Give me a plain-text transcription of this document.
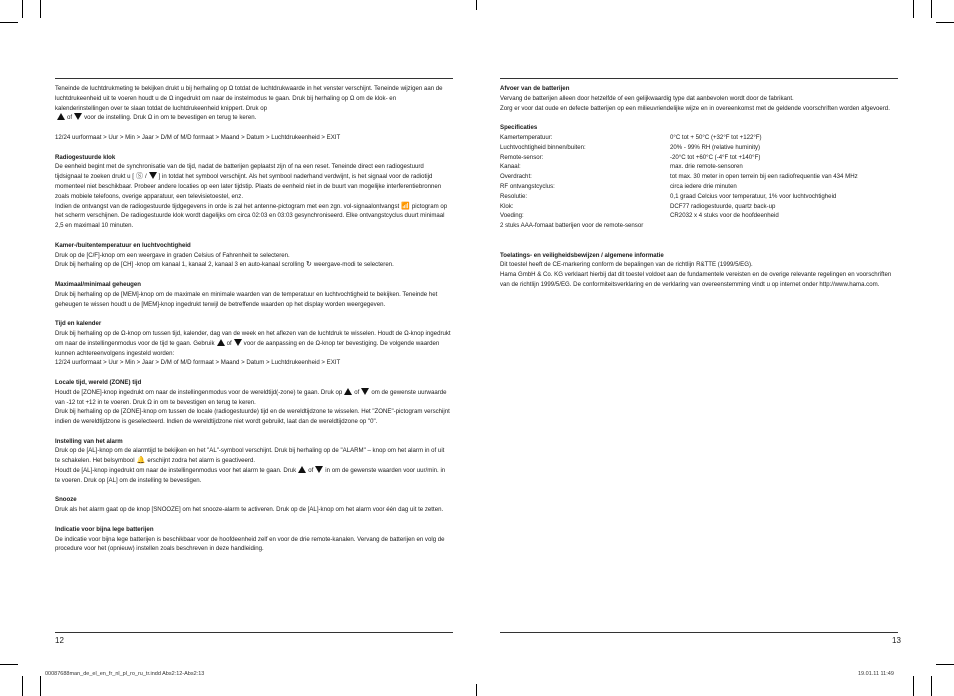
Teneinde de luchtdrukmeting te bekijken drukt u bij herhaling op Ω totdat de luchtdrukwaarde in het venster verschijnt. Teneinde wijzigen aan de luchtdrukeenheid uit te voeren houdt u de Ω ingedrukt om naar de instelmodus te gaan. Druk bij herhaling op Ω om de klok- en kalenderinstellingen over te slaan totdat de luchtdrukeenheid knippert. Druk op
of voor de instelling. Druk Ω in om te bevestigen en terug te keren.

12/24 uurformaat > Uur > Min > Jaar > D/M of M/D formaat > Maand > Datum > Luchtdrukeenheid > EXIT

Radiogestuurde klok
De eenheid begint met de synchronisatie van de tijd, nadat de batterijen geplaatst zijn of na een reset. Teneinde direct een radiogestuurd tijdsignaal te zoeken drukt u [ Ⓢ / ] in totdat het symbool verschijnt. Als het symbool naderhand verdwijnt, is het signaal voor de radiotijd momenteel niet beschikbaar. Probeer andere locaties op een later tijdstip. Plaats de eenheid niet in de buurt van mogelijke interferentiebronnen zoals mobiele telefoons, overige apparatuur, een televisietoestel, enz.
Indien de ontvangst van de radiogestuurde tijdgegevens in orde is zal het antenne-pictogram met een zgn. vol-signaalontvangst 📶 pictogram op het scherm verschijnen. De radiogestuurde klok wordt dagelijks om circa 02:03 en 03:03 gesynchroniseerd. Elke ontvangstcyclus duurt minimaal 2,5 en maximaal 10 minuten.

Kamer-/buitentemperatuur en luchtvochtigheid
Druk op de [C/F]-knop om een weergave in graden Celsius of Fahrenheit te selecteren.
Druk bij herhaling op de [CH] -knop om kanaal 1, kanaal 2, kanaal 3 en auto-kanaal scrolling ↻ weergave-modi te selecteren.

Maximaal/minimaal geheugen
Druk bij herhaling op de [MEM]-knop om de maximale en minimale waarden van de temperatuur en luchtvochtigheid te bekijken. Teneinde het geheugen te wissen houdt u de [MEM]-knop ingedrukt terwijl de betreffende waarden op het display worden weergegeven.

Tijd en kalender
Druk bij herhaling op de Ω-knop om tussen tijd, kalender, dag van de week en het aflezen van de luchtdruk te wisselen. Houdt de Ω-knop ingedrukt om naar de instellingenmodus voor de tijd te gaan. Gebruik of voor de aanpassing en de Ω-knop ter bevestiging. De volgende waarden kunnen achtereenvolgens ingesteld worden:
12/24 uurformaat > Uur > Min > Jaar > D/M of M/D formaat > Maand > Datum > Luchtdrukeenheid > EXIT

Locale tijd, wereld (ZONE) tijd
Houdt de [ZONE]-knop ingedrukt om naar de instellingenmodus voor de wereldtijd(-zone) te gaan. Druk op of om de gewenste uurwaarde van -12 tot +12 in te voeren. Druk Ω in om te bevestigen en terug te keren.
Druk bij herhaling op de [ZONE]-knop om tussen de locale (radiogestuurde) tijd en de wereldtijdzone te wisselen. Het "ZONE"-pictogram verschijnt indien de wereldtijdzone is geselecteerd. Indien de wereldtijdzone niet wordt gebruikt, laat dan de wereldtijdzone op "0".

Instelling van het alarm
Druk op de [AL]-knop om de alarmtijd te bekijken en het "AL"-symbool verschijnt. Druk bij herhaling op de "ALARM" – knop om het alarm in of uit te schakelen. Het belsymbool 🔔 erschijnt zodra het alarm is geactiveerd.
Houdt de [AL]-knop ingedrukt om naar de instellingenmodus voor het alarm te gaan. Druk of in om de gewenste waarden voor uur/min. in te voeren. Druk op [AL] om de instelling te bevestigen.

Snooze
Druk als het alarm gaat op de knop [SNOOZE] om het snooze-alarm te activeren. Druk op de [AL]-knop om het alarm voor één dag uit te zetten.

Indicatie voor bijna lege batterijen
De indicatie voor bijna lege batterijen is beschikbaar voor de hoofdeenheid zelf en voor de drie remote-kanalen. Vervang de batterijen en volg de procedure voor het (opnieuw) instellen zoals beschreven in deze handleiding.

12

Afvoer van de batterijen
Vervang de batterijen alleen door hetzelfde of een gelijkwaardig type dat aanbevolen wordt door de fabrikant.
Zorg er voor dat oude en defecte batterijen op een milieuvriendelijke wijze en in overeenkomst met de geldende voorschriften worden afgevoerd.

Specificaties
Kamertemperatuur:	0°C tot + 50°C (+32°F tot +122°F)
Luchtvochtigheid binnen/buiten:	20% - 99% RH (relative huminity)
Remote-sensor:	-20°C tot +60°C (-4°F tot +140°F)
Kanaal:	max. drie remote-sensoren
Overdracht:	tot max. 30 meter in open terrein bij een radiofrequentie van 434 MHz
RF ontvangstcyclus:	circa iedere drie minuten
Resolutie:	0,1 graad Celcius voor temperatuur, 1% voor luchtvochtigheid
Klok:	DCF77 radiogestuurde, quartz back-up
Voeding:	CR2032 x 4 stuks voor de hoofdeenheid
2 stuks AAA-fomaat batterijen voor de remote-sensor

Toelatings- en veiligheidsbewijzen / algemene informatie
Dit toestel heeft de CE-markering conform de bepalingen van de richtlijn R&TTE (1999/5/EG).
Hama GmbH & Co. KG verklaart hierbij dat dit toestel voldoet aan de fundamentele vereisten en de overige relevante regelingen en voorschriften van de richtlijn 1999/5/EG. De conformiteitsverklaring en de verklaring van overeenstemming vindt u op internet onder http://www.hama.com.

13
00087688man_de_el_en_fr_nl_pl_ro_ru_tr.indd Abs2:12-Abs2:13	19.01.11 11:49
